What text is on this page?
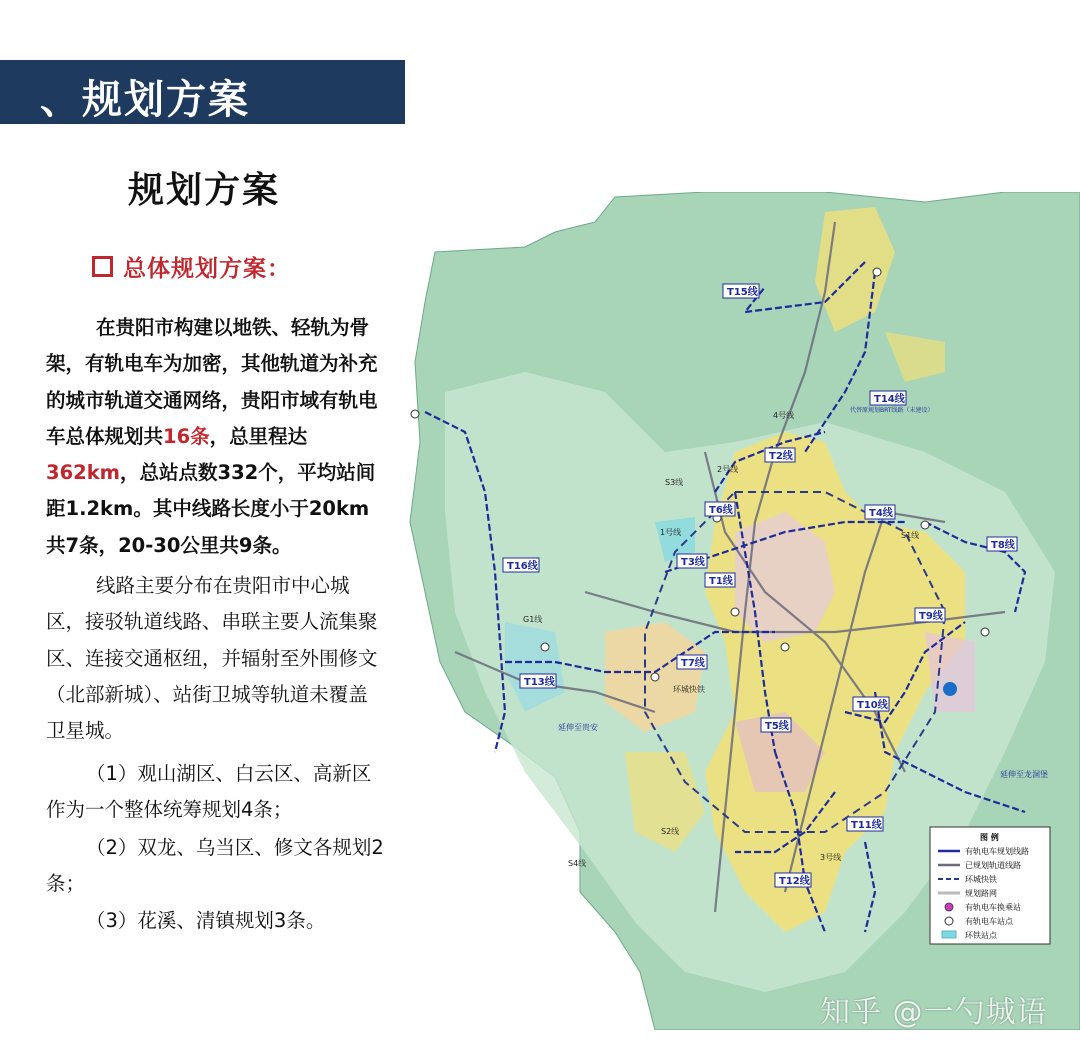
、规划方案
规划方案
总体规划方案：
在贵阳市构建以地铁、轻轨为骨架，有轨电车为加密，其他轨道为补充的城市轨道交通网络，贵阳市域有轨电车总体规划共16条，总里程达362km，总站点数332个，平均站间距1.2km。其中线路长度小于20km共7条，20-30公里共9条。
线路主要分布在贵阳市中心城区，接驳轨道线路、串联主要人流集聚区、连接交通枢纽，并辐射至外围修文（北部新城）、站街卫城等轨道未覆盖卫星城。
（1）观山湖区、白云区、高新区作为一个整体统筹规划4条；
（2）双龙、乌当区、修文各规划2条；
（3）花溪、清镇规划3条。
T1线
T2线
T3线
T4线
T5线
T6线
T7线
T8线
T9线
T10线
T11线
T12线
T13线
T14线
T15线
T16线
4号线
2号线
1号线
3号线
S1线
S2线
S3线
S4线
G1线
环城快铁
延伸至贵安
延伸至龙洞堡
代替原规划BRT线路（未建设）
图 例
有轨电车规划线路
已规划轨道线路
环城快铁
规划路网
有轨电车换乘站
有轨电车站点
环铁站点
知乎 @一勺城语
